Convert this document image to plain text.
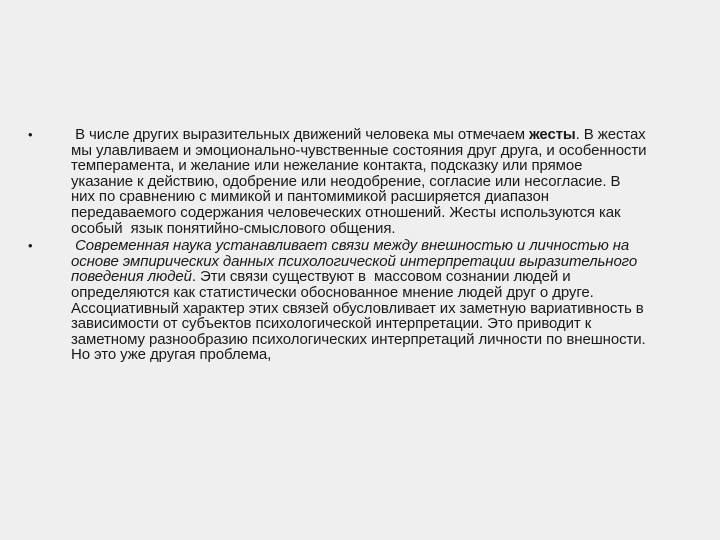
•	В числе других выразительных движений человека мы отмечаем жесты. В жестах мы улавливаем и эмоционально-чувственные состояния друг друга, и особенности темперамента, и желание или нежелание контакта, подсказку или прямое указание к действию, одобрение или неодобрение, согласие или несогласие. В них по сравнению с мимикой и пантомимикой расширяется диапазон передаваемого содержания человеческих отношений. Жесты используются как особый  язык понятийно-смыслового общения.
•	Современная наука устанавливает связи между внешностью и личностью на основе эмпирических данных психологической интерпретации выразительного поведения людей. Эти связи существуют в  массовом сознании людей и определяются как статистически обоснованное мнение людей друг о друге. Ассоциативный характер этих связей обусловливает их заметную вариативность в зависимости от субъектов психологической интерпретации. Это приводит к заметному разнообразию психологических интерпретаций личности по внешности. Но это уже другая проблема,
